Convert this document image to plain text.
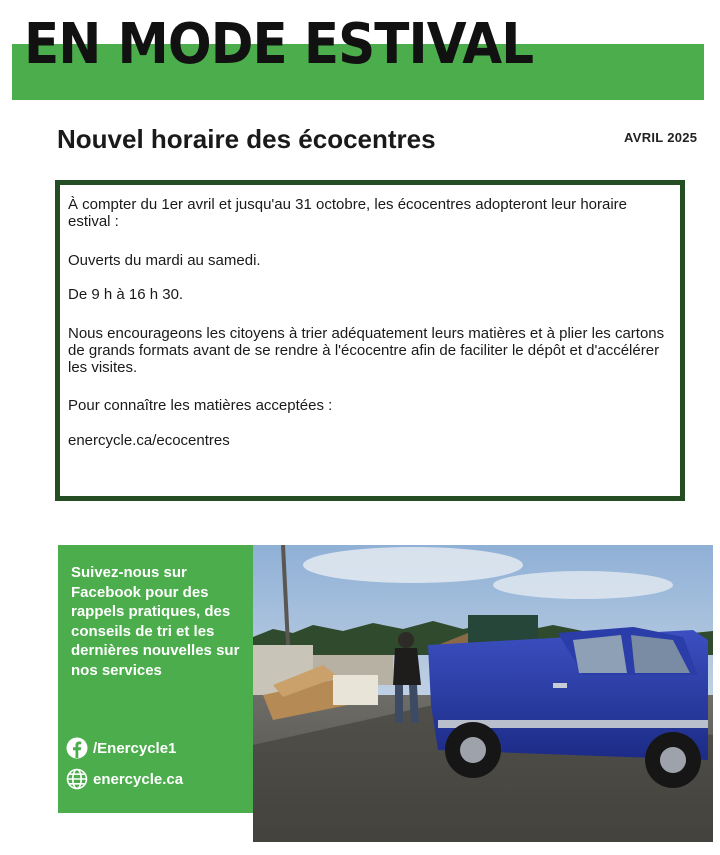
EN MODE ESTIVAL
Nouvel horaire des écocentres	AVRIL 2025

À compter du 1er avril et jusqu'au 31 octobre, les écocentres adopteront leur horaire estival :

Ouverts du mardi au samedi.

De 9 h à 16 h 30.

Nous encourageons les citoyens à trier adéquatement leurs matières et à plier les cartons de grands formats avant de se rendre à l'écocentre afin de faciliter le dépôt et d'accélérer les visites.

Pour connaître les matières acceptées :

enercycle.ca/ecocentres

Suivez-nous sur Facebook pour des rappels pratiques, des conseils de tri et les dernières nouvelles sur nos services

/Enercycle1
enercycle.ca
